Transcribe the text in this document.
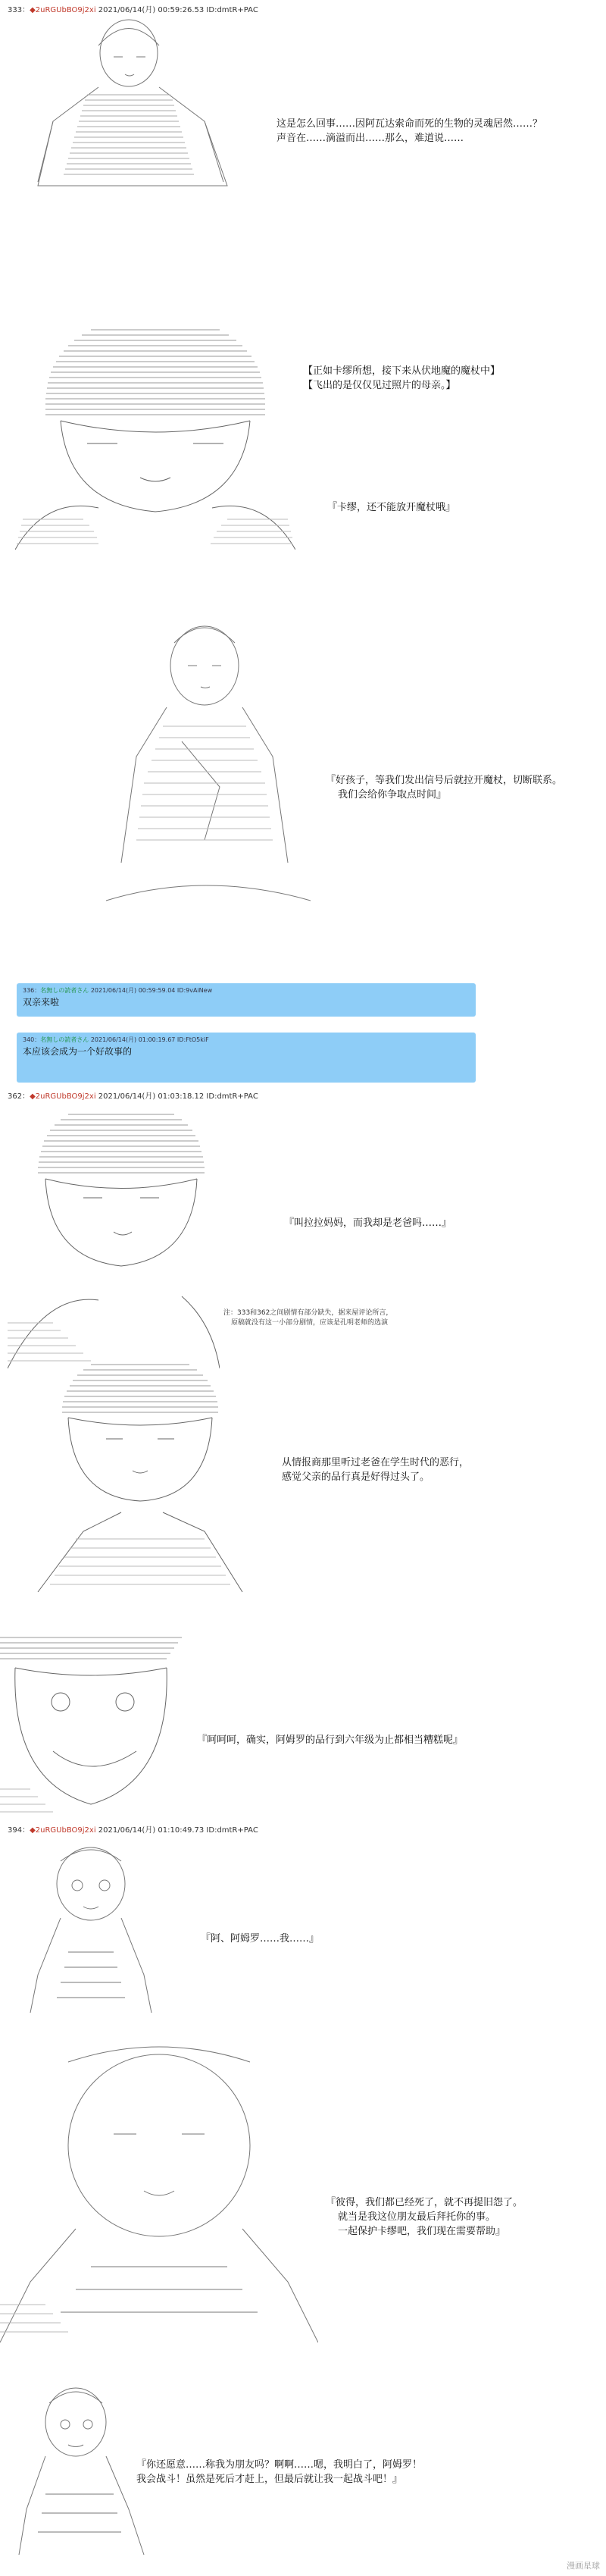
333：◆2uRGUbBO9j2xi 2021/06/14(月) 00:59:26.53 ID:dmtR+PAC
这是怎么回事……因阿瓦达索命而死的生物的灵魂居然……？
声音在……滴溢而出……那么，难道说……
【正如卡缪所想，接下来从伏地魔的魔杖中】
【飞出的是仅仅见过照片的母亲。】
『卡缪，还不能放开魔杖哦』
『好孩子，等我们发出信号后就拉开魔杖，切断联系。
我们会给你争取点时间』
336：名無しの読者さん 2021/06/14(月) 00:59:59.04 ID:9vAiNew
双亲来啦
340：名無しの読者さん 2021/06/14(月) 01:00:19.67 ID:FtO5kiF
本应该会成为一个好故事的
362：◆2uRGUbBO9j2xi 2021/06/14(月) 01:03:18.12 ID:dmtR+PAC
『叫拉拉妈妈，而我却是老爸吗……』
注：333和362之间剧情有部分缺失，据来屋评论所言，
原稿就没有这一小部分剧情，应该是孔明老师的选演
从情报商那里听过老爸在学生时代的恶行，
感觉父亲的品行真是好得过头了。
『呵呵呵，确实，阿姆罗的品行到六年级为止都相当糟糕呢』
394：◆2uRGUbBO9j2xi 2021/06/14(月) 01:10:49.73 ID:dmtR+PAC
『阿、阿姆罗……我……』
『彼得，我们都已经死了，就不再提旧怨了。
就当是我这位朋友最后拜托你的事。
一起保护卡缪吧，我们现在需要帮助』
『你还愿意……称我为朋友吗？啊啊……嗯，我明白了，阿姆罗！
我会战斗！虽然是死后才赶上，但最后就让我一起战斗吧！』
漫画星球
